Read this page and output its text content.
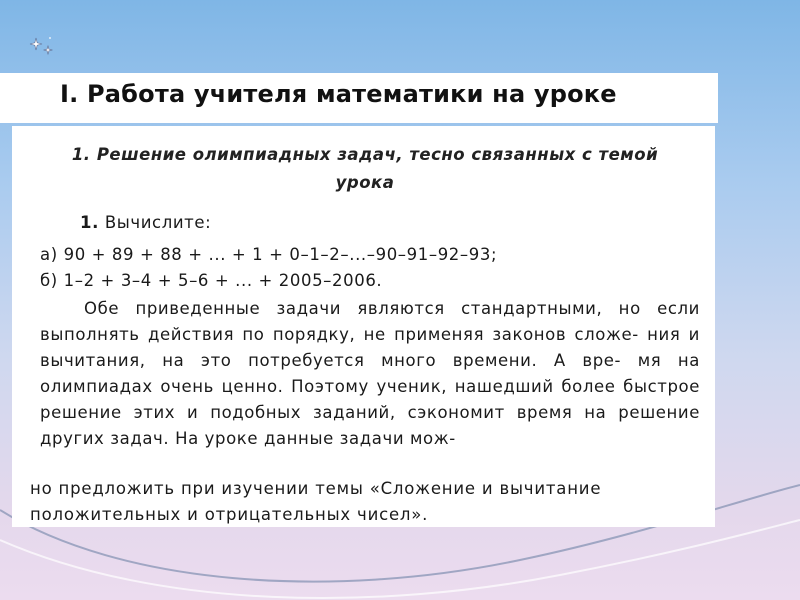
I. Работа учителя математики на уроке
1. Решение олимпиадных задач, тесно связанных с темой
урока
1. Вычислите:
а) 90 + 89 + 88 + ... + 1 + 0–1–2–...–90–91–92–93;
б) 1–2 + 3–4 + 5–6 + ... + 2005–2006.
Обе приведенные задачи являются стандартными, но если выполнять действия по порядку, не применяя законов сложе- ния и вычитания, на это потребуется много времени. А вре- мя на олимпиадах очень ценно. Поэтому ученик, нашедший более быстрое решение этих и подобных заданий, сэкономит время на решение других задач. На уроке данные задачи мож-
но предложить при изучении темы «Сложение и вычитание
положительных и отрицательных чисел».
